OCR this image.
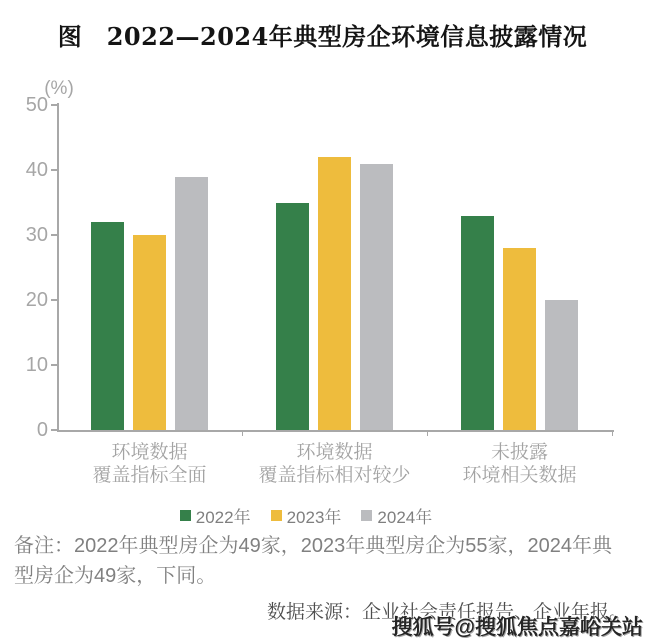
图　2022—2024年典型房企环境信息披露情况
(%)
0
10
20
30
40
50
环境数据
覆盖指标全面
环境数据
覆盖指标相对较少
未披露
环境相关数据
2022年 2023年 2024年

备注：2022年典型房企为49家，2023年典型房企为55家，2024年典型房企为49家，下同。

数据来源：企业社会责任报告、企业年报。

搜狐号@搜狐焦点嘉峪关站
